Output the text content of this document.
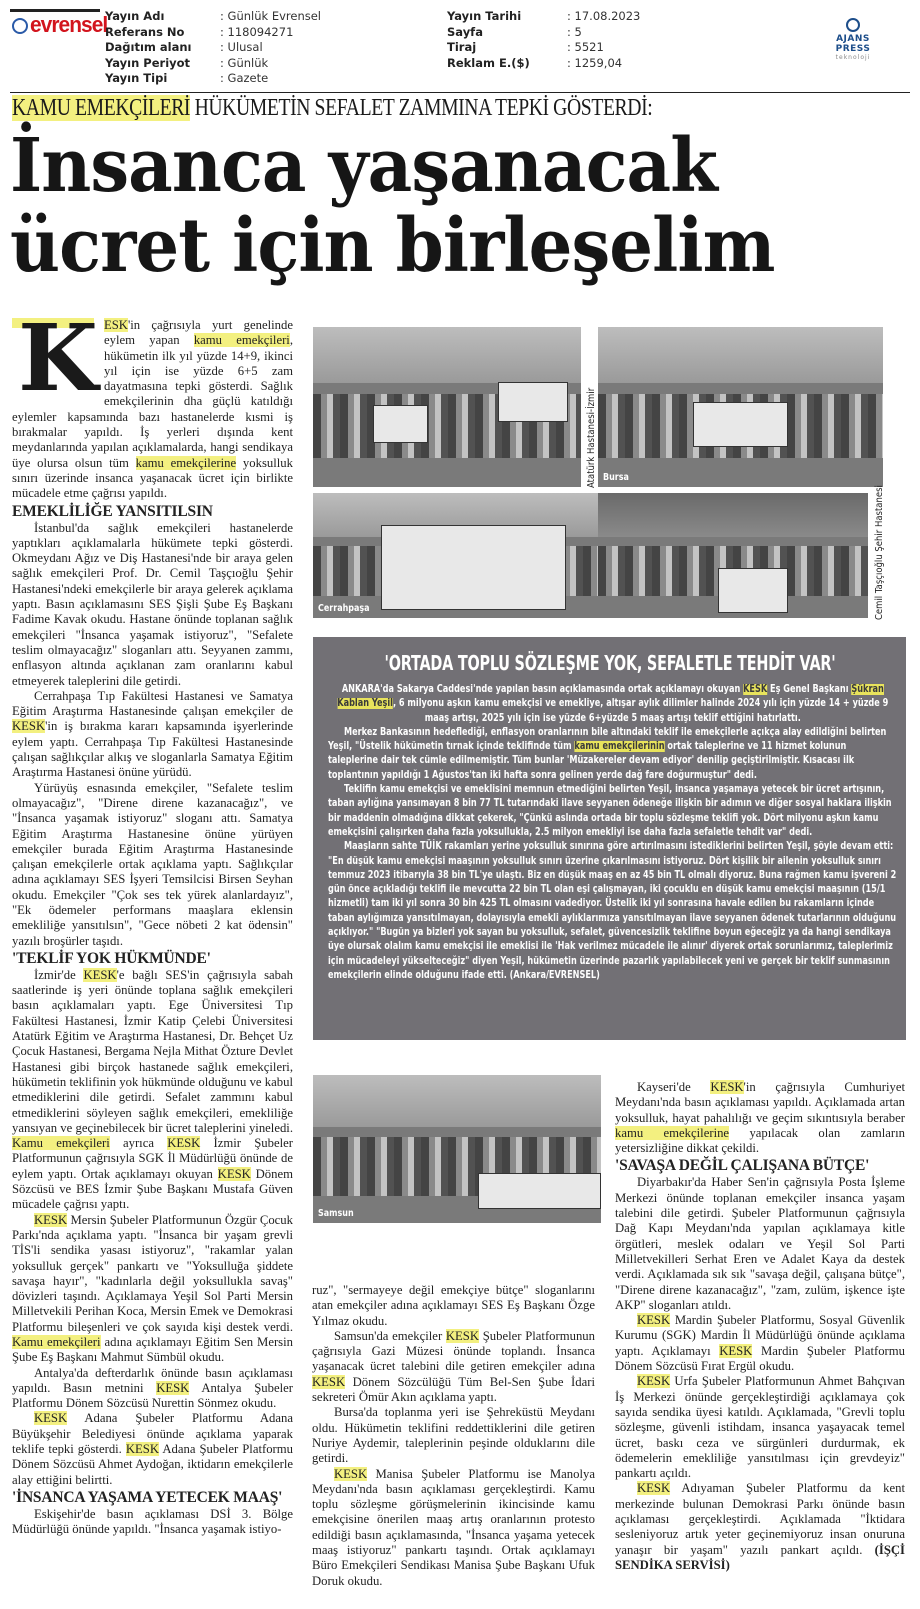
evrensel
Yayın Adı	: Günlük Evrensel
Referans No	: 118094271
Dağıtım alanı	: Ulusal
Yayın Periyot	: Günlük
Yayın Tipi	: Gazete
Yayın Tarihi	: 17.08.2023
Sayfa	: 5
Tiraj	: 5521
Reklam E.($)	: 1259,04
AJANS PRESS
teknoloji
KAMU EMEKÇİLERİ HÜKÜMETİN SEFALET ZAMMINA TEPKİ GÖSTERDİ:
İnsanca yaşanacak
ücret için birleşelim

KESK'in çağrısıyla yurt genelinde eylem yapan kamu emekçileri, hükümetin ilk yıl yüzde 14+9, ikinci yıl için ise yüzde 6+5 zam dayatmasına tepki gösterdi. Sağlık emekçilerinin dha güçlü katıldığı eylemler kapsamında bazı hastanelerde kısmi iş bırakmalar yapıldı. İş yerleri dışında kent meydanlarında yapılan açıklamalarda, hangi sendikaya üye olursa olsun tüm kamu emekçilerine yoksulluk sınırı üzerinde insanca yaşanacak ücret için birlikte mücadele etme çağrısı yapıldı.

EMEKLİLİĞE YANSITILSIN

İstanbul'da sağlık emekçileri hastanelerde yaptıkları açıklamalarla hükümete tepki gösterdi. Okmeydanı Ağız ve Diş Hastanesi'nde bir araya gelen sağlık emekçileri Prof. Dr. Cemil Taşçıoğlu Şehir Hastanesi'ndeki emekçilerle bir araya gelerek açıklama yaptı. Basın açıklamasını SES Şişli Şube Eş Başkanı Fadime Kavak okudu. Hastane önünde toplanan sağlık emekçileri "İnsanca yaşamak istiyoruz", "Sefalete teslim olmayacağız" sloganları attı. Seyyanen zammı, enflasyon altında açıklanan zam oranlarını kabul etmeyerek taleplerini dile getirdi.

Cerrahpaşa Tıp Fakültesi Hastanesi ve Samatya Eğitim Araştırma Hastanesinde çalışan emekçiler de KESK'in iş bırakma kararı kapsamında işyerlerinde eylem yaptı. Cerrahpaşa Tıp Fakültesi Hastanesinde çalışan sağlıkçılar alkış ve sloganlarla Samatya Eğitim Araştırma Hastanesi önüne yürüdü.

Yürüyüş esnasında emekçiler, "Sefalete teslim olmayacağız", "Direne direne kazanacağız", ve "İnsanca yaşamak istiyoruz" sloganı attı. Samatya Eğitim Araştırma Hastanesine önüne yürüyen emekçiler burada Eğitim Araştırma Hastanesinde çalışan emekçilerle ortak açıklama yaptı. Sağlıkçılar adına açıklamayı SES İşyeri Temsilcisi Birsen Seyhan okudu. Emekçiler "Çok ses tek yürek alanlardayız", "Ek ödemeler performans maaşlara eklensin emekliliğe yansıtılsın", "Gece nöbeti 2 kat ödensin" yazılı broşürler taşıdı.

'TEKLİF YOK HÜKMÜNDE'

İzmir'de KESK'e bağlı SES'in çağrısıyla sabah saatlerinde iş yeri önünde toplana sağlık emekçileri basın açıklamaları yaptı. Ege Üniversitesi Tıp Fakültesi Hastanesi, İzmir Katip Çelebi Üniversitesi Atatürk Eğitim ve Araştırma Hastanesi, Dr. Behçet Uz Çocuk Hastanesi, Bergama Nejla Mithat Özture Devlet Hastanesi gibi birçok hastanede sağlık emekçileri, hükümetin teklifinin yok hükmünde olduğunu ve kabul etmediklerini dile getirdi. Sefalet zammını kabul etmediklerini söyleyen sağlık emekçileri, emekliliğe yansıyan ve geçinebilecek bir ücret taleplerini yineledi. Kamu emekçileri ayrıca KESK İzmir Şubeler Platformunun çağrısıyla SGK İl Müdürlüğü önünde de eylem yaptı. Ortak açıklamayı okuyan KESK Dönem Sözcüsü ve BES İzmir Şube Başkanı Mustafa Güven mücadele çağrısı yaptı.

KESK Mersin Şubeler Platformunun Özgür Çocuk Parkı'nda açıklama yaptı. "İnsanca bir yaşam grevli TİS'li sendika yasası istiyoruz", "rakamlar yalan yoksulluk gerçek" pankartı ve "Yoksulluğa şiddete savaşa hayır", "kadınlarla değil yoksullukla savaş" dövizleri taşındı. Açıklamaya Yeşil Sol Parti Mersin Milletvekili Perihan Koca, Mersin Emek ve Demokrasi Platformu bileşenleri ve çok sayıda kişi destek verdi. Kamu emekçileri adına açıklamayı Eğitim Sen Mersin Şube Eş Başkanı Mahmut Sümbül okudu.

Antalya'da defterdarlık önünde basın açıklaması yapıldı. Basın metnini KESK Antalya Şubeler Platformu Dönem Sözcüsü Nurettin Sönmez okudu.

KESK Adana Şubeler Platformu Adana Büyükşehir Belediyesi önünde açıklama yaparak teklife tepki gösterdi. KESK Adana Şubeler Platformu Dönem Sözcüsü Ahmet Aydoğan, iktidarın emekçilerle alay ettiğini belirtti.

'İNSANCA YAŞAMA YETECEK MAAŞ'

Eskişehir'de basın açıklaması DSİ 3. Bölge Müdürlüğü önünde yapıldı. "İnsanca yaşamak istiyo-

Atatürk Hastanesi-İzmir Bursa
Cerrahpaşa	Cemil Taşçıoğlu Şehir Hastanesi
'ORTADA TOPLU SÖZLEŞME YOK, SEFALETLE TEHDİT VAR'

ANKARA'da Sakarya Caddesi'nde yapılan basın açıklamasında ortak açıklamayı okuyan KESK Eş Genel Başkanı Şükran Kablan Yeşil, 6 milyonu aşkın kamu emekçisi ve emekliye, altışar aylık dilimler halinde 2024 yılı için yüzde 14 + yüzde 9 maaş artışı, 2025 yılı için ise yüzde 6+yüzde 5 maaş artışı teklif ettiğini hatırlattı.

Merkez Bankasının hedeflediği, enflasyon oranlarının bile altındaki teklif ile emekçilerle açıkça alay edildiğini belirten Yeşil, "Üstelik hükümetin tırnak içinde teklifinde tüm kamu emekçilerinin ortak taleplerine ve 11 hizmet kolunun taleplerine dair tek cümle edilmemiştir. Tüm bunlar 'Müzakereler devam ediyor' denilip geçiştirilmiştir. Kısacası ilk toplantının yapıldığı 1 Ağustos'tan iki hafta sonra gelinen yerde dağ fare doğurmuştur" dedi.

Teklifin kamu emekçisi ve emeklisini memnun etmediğini belirten Yeşil, insanca yaşamaya yetecek bir ücret artışının, taban aylığına yansımayan 8 bin 77 TL tutarındaki ilave seyyanen ödeneğe ilişkin bir adımın ve diğer sosyal haklara ilişkin bir maddenin olmadığına dikkat çekerek, "Çünkü aslında ortada bir toplu sözleşme teklifi yok. Dört milyonu aşkın kamu emekçisini çalışırken daha fazla yoksullukla, 2.5 milyon emekliyi ise daha fazla sefaletle tehdit var" dedi.

Maaşların sahte TÜİK rakamları yerine yoksulluk sınırına göre artırılmasını istediklerini belirten Yeşil, şöyle devam etti: "En düşük kamu emekçisi maaşının yoksulluk sınırı üzerine çıkarılmasını istiyoruz. Dört kişilik bir ailenin yoksulluk sınırı temmuz 2023 itibarıyla 38 bin TL'ye ulaştı. Biz en düşük maaş en az 45 bin TL olmalı diyoruz. Buna rağmen kamu işvereni 2 gün önce açıkladığı teklifi ile mevcutta 22 bin TL olan eşi çalışmayan, iki çocuklu en düşük kamu emekçisi maaşının (15/1 hizmetli) tam iki yıl sonra 30 bin 425 TL olmasını vadediyor. Üstelik iki yıl sonrasına havale edilen bu rakamların içinde taban aylığımıza yansıtılmayan, dolayısıyla emekli aylıklarımıza yansıtılmayan ilave seyyanen ödenek tutarlarının olduğunu açıklıyor." "Bugün ya bizleri yok sayan bu yoksulluk, sefalet, güvencesizlik teklifine boyun eğeceğiz ya da hangi sendikaya üye olursak olalım kamu emekçisi ile emeklisi ile 'Hak verilmez mücadele ile alınır' diyerek ortak sorunlarımız, taleplerimiz için mücadeleyi yükselteceğiz" diyen Yeşil, hükümetin üzerinde pazarlık yapılabilecek yeni ve gerçek bir teklif sunmasının emekçilerin elinde olduğunu ifade etti. (Ankara/EVRENSEL)

Samsun

ruz", "sermayeye değil emekçiye bütçe" sloganlarını atan emekçiler adına açıklamayı SES Eş Başkanı Özge Yılmaz okudu.

Samsun'da emekçiler KESK Şubeler Platformunun çağrısıyla Gazi Müzesi önünde toplandı. İnsanca yaşanacak ücret talebini dile getiren emekçiler adına KESK Dönem Sözcülüğü Tüm Bel-Sen Şube İdari sekreteri Ömür Akın açıklama yaptı.

Bursa'da toplanma yeri ise Şehreküstü Meydanı oldu. Hükümetin teklifini reddettiklerini dile getiren Nuriye Aydemir, taleplerinin peşinde olduklarını dile getirdi.

KESK Manisa Şubeler Platformu ise Manolya Meydanı'nda basın açıklaması gerçekleştirdi. Kamu toplu sözleşme görüşmelerinin ikincisinde kamu emekçisine önerilen maaş artış oranlarının protesto edildiği basın açıklamasında, "İnsanca yaşama yetecek maaş istiyoruz" pankartı taşındı. Ortak açıklamayı Büro Emekçileri Sendikası Manisa Şube Başkanı Ufuk Doruk okudu.

Kayseri'de KESK'in çağrısıyla Cumhuriyet Meydanı'nda basın açıklaması yapıldı. Açıklamada artan yoksulluk, hayat pahalılığı ve geçim sıkıntısıyla beraber kamu emekçilerine yapılacak olan zamların yetersizliğine dikkat çekildi.

'SAVAŞA DEĞİL ÇALIŞANA BÜTÇE'

Diyarbakır'da Haber Sen'in çağrısıyla Posta İşleme Merkezi önünde toplanan emekçiler insanca yaşam talebini dile getirdi. Şubeler Platformunun çağrısıyla Dağ Kapı Meydanı'nda yapılan açıklamaya kitle örgütleri, meslek odaları ve Yeşil Sol Parti Milletvekilleri Serhat Eren ve Adalet Kaya da destek verdi. Açıklamada sık sık "savaşa değil, çalışana bütçe", "Direne direne kazanacağız", "zam, zulüm, işkence işte AKP" sloganları atıldı.

KESK Mardin Şubeler Platformu, Sosyal Güvenlik Kurumu (SGK) Mardin İl Müdürlüğü önünde açıklama yaptı. Açıklamayı KESK Mardin Şubeler Platformu Dönem Sözcüsü Fırat Ergül okudu.

KESK Urfa Şubeler Platformunun Ahmet Bahçıvan İş Merkezi önünde gerçekleştirdiği açıklamaya çok sayıda sendika üyesi katıldı. Açıklamada, "Grevli toplu sözleşme, güvenli istihdam, insanca yaşayacak temel ücret, baskı ceza ve sürgünleri durdurmak, ek ödemelerin emekliliğe yansıtılması için grevdeyiz" pankartı açıldı.

KESK Adıyaman Şubeler Platformu da kent merkezinde bulunan Demokrasi Parkı önünde basın açıklaması gerçekleştirdi. Açıklamada "İktidara sesleniyoruz artık yeter geçinemiyoruz insan onuruna yanaşır bir yaşam" yazılı pankart açıldı. (İŞÇİ SENDİKA SERVİSİ)
